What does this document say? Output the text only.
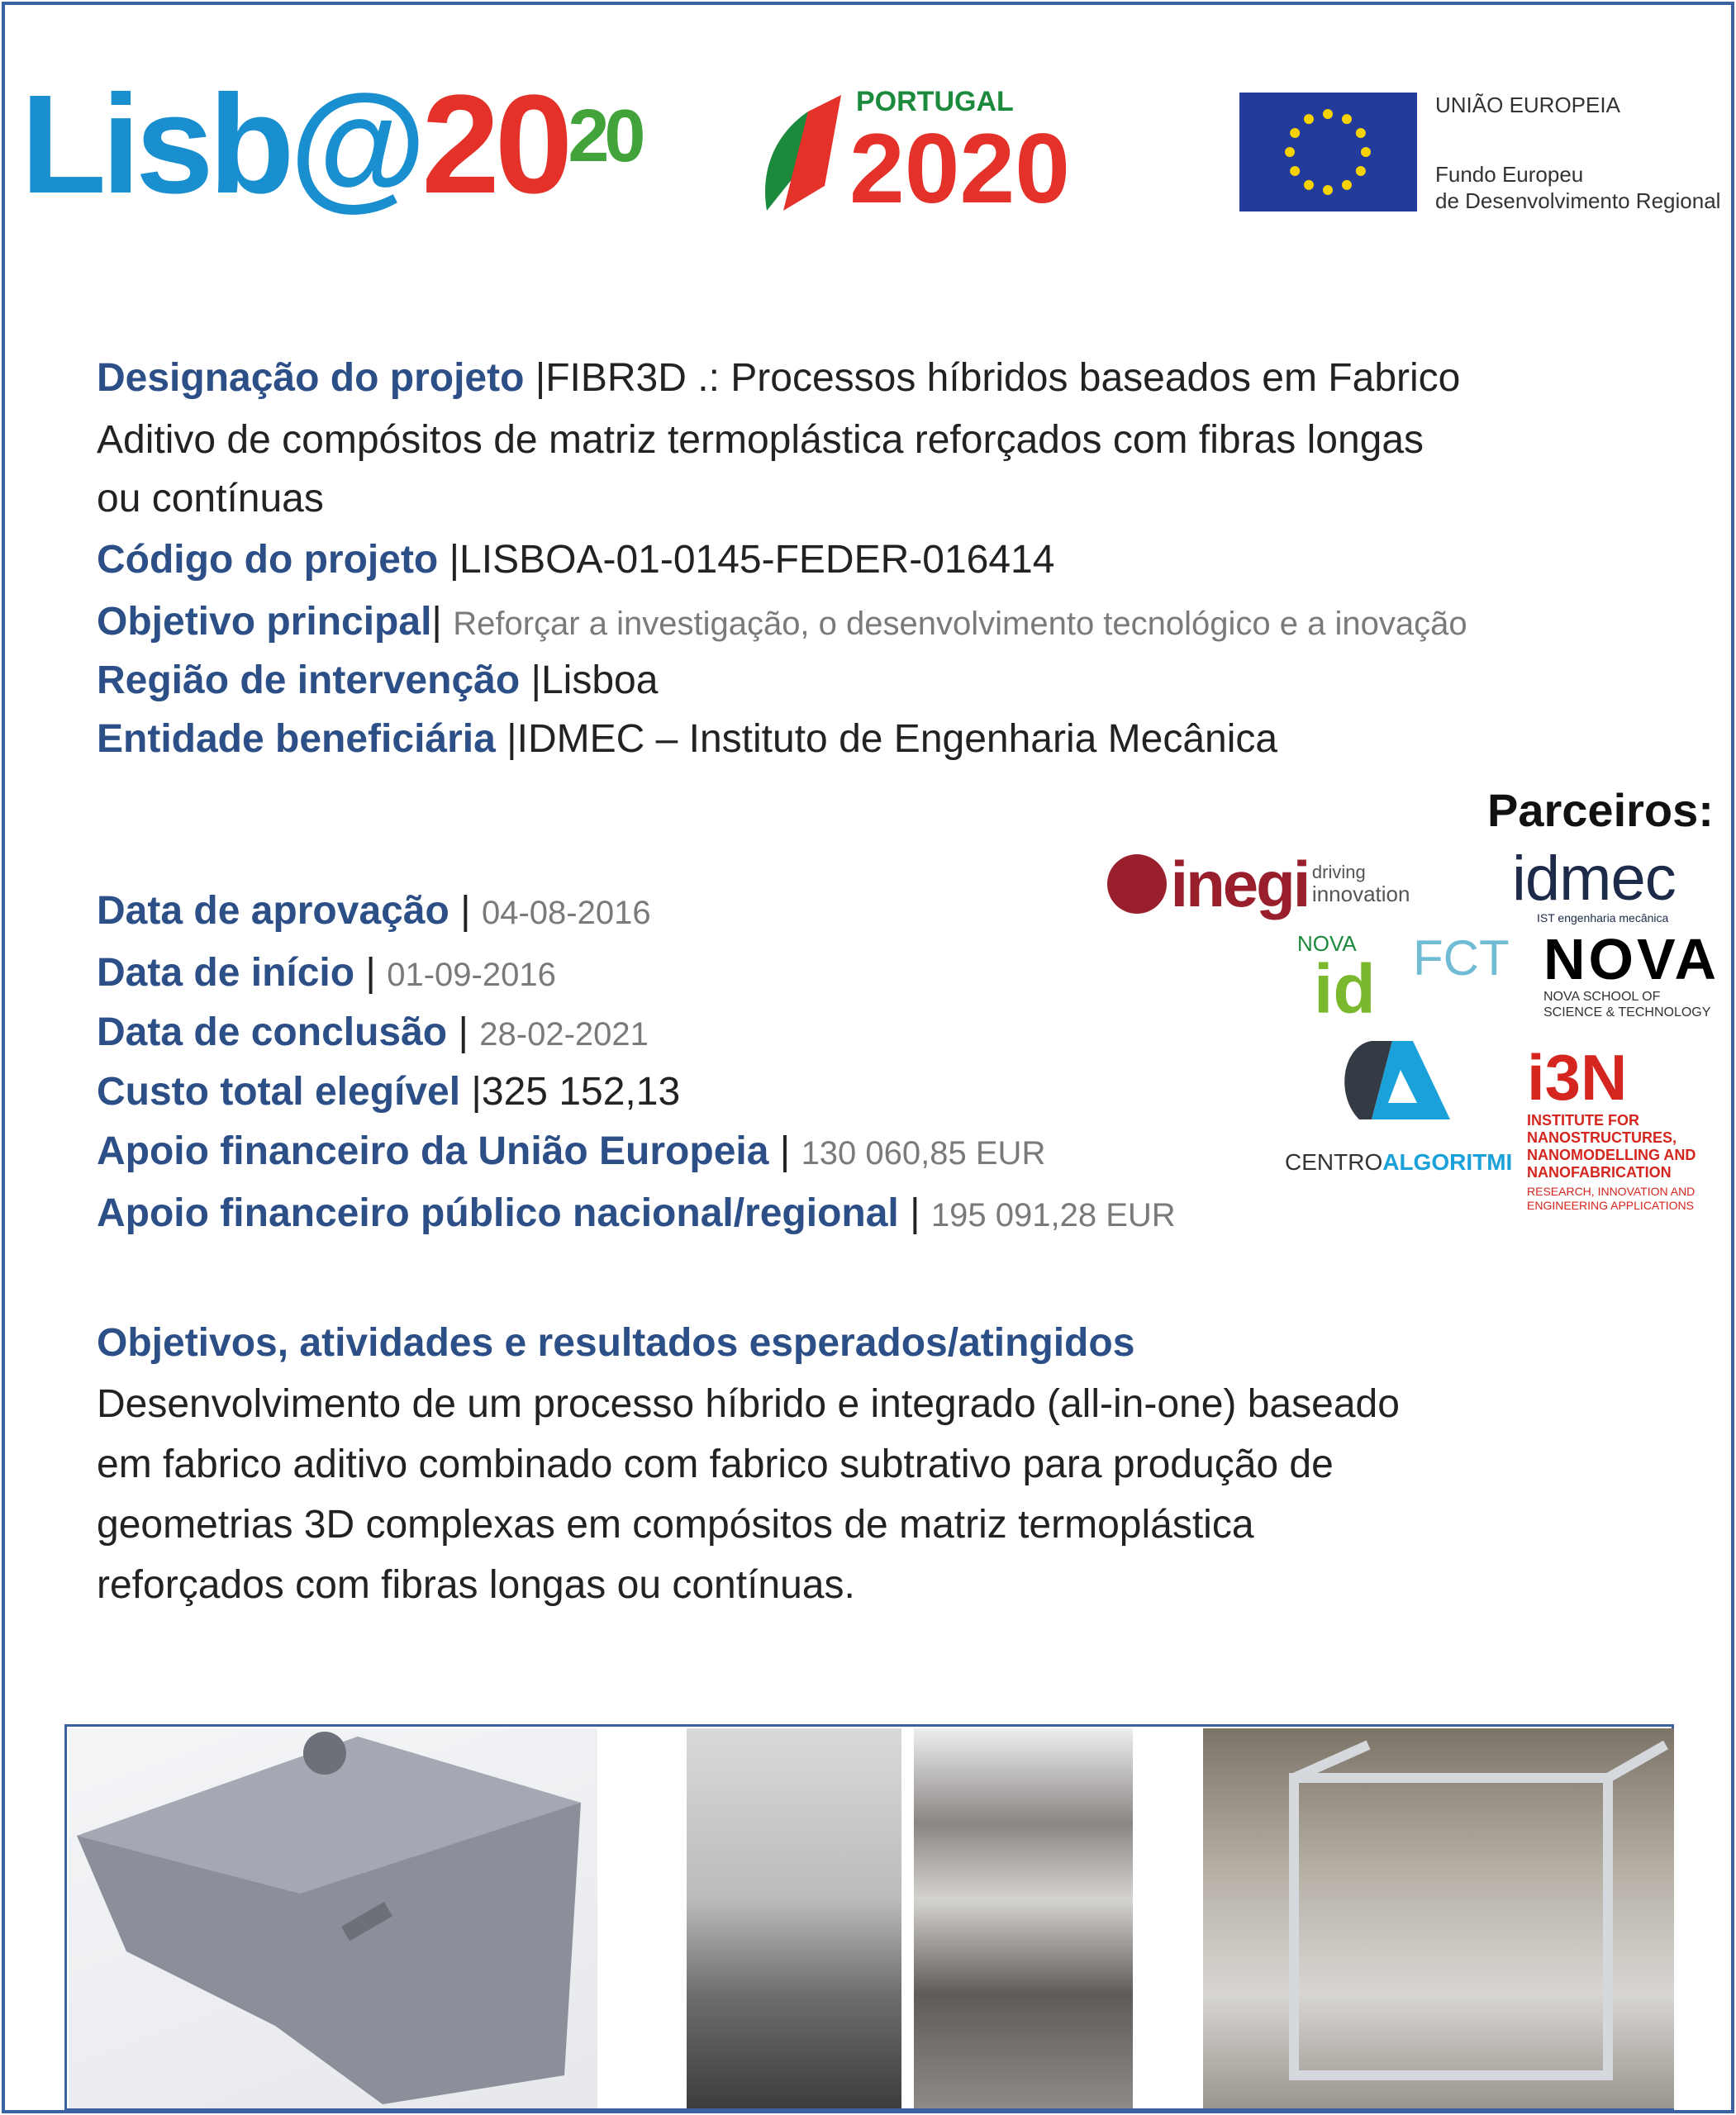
$Lisb@20^{20}$	PORTUGAL
2020
UNIÃO EUROPEIA
Fundo Europeu
de Desenvolvimento Regional
Designação do projeto |FIBR3D .: Processos híbridos baseados em Fabrico
Aditivo de compósitos de matriz termoplástica reforçados com fibras longas
ou contínuas
Código do projeto |LISBOA-01-0145-FEDER-016414
Objetivo principal| Reforçar a investigação, o desenvolvimento tecnológico e a inovação
Região de intervenção |Lisboa
Entidade beneficiária |IDMEC – Instituto de Engenharia Mecânica
Data de aprovação | 04-08-2016
Data de início | 01-09-2016
Data de conclusão | 28-02-2021
Custo total elegível |325 152,13
Apoio financeiro da União Europeia | 130 060,85 EUR
Apoio financeiro público nacional/regional | 195 091,28 EUR
Parceiros:
inegi driving
innovation idmec
IST engenharia mecânica
NOVA
id FCT NOVA
NOVA SCHOOL OF
SCIENCE & TECHNOLOGY
CENTROALGORITMI
i3N
INSTITUTE FOR
NANOSTRUCTURES,
NANOMODELLING AND
NANOFABRICATION
RESEARCH, INNOVATION AND
ENGINEERING APPLICATIONS
Objetivos, atividades e resultados esperados/atingidos
Desenvolvimento de um processo híbrido e integrado (all-in-one) baseado
em fabrico aditivo combinado com fabrico subtrativo para produção de
geometrias 3D complexas em compósitos de matriz termoplástica
reforçados com fibras longas ou contínuas.
